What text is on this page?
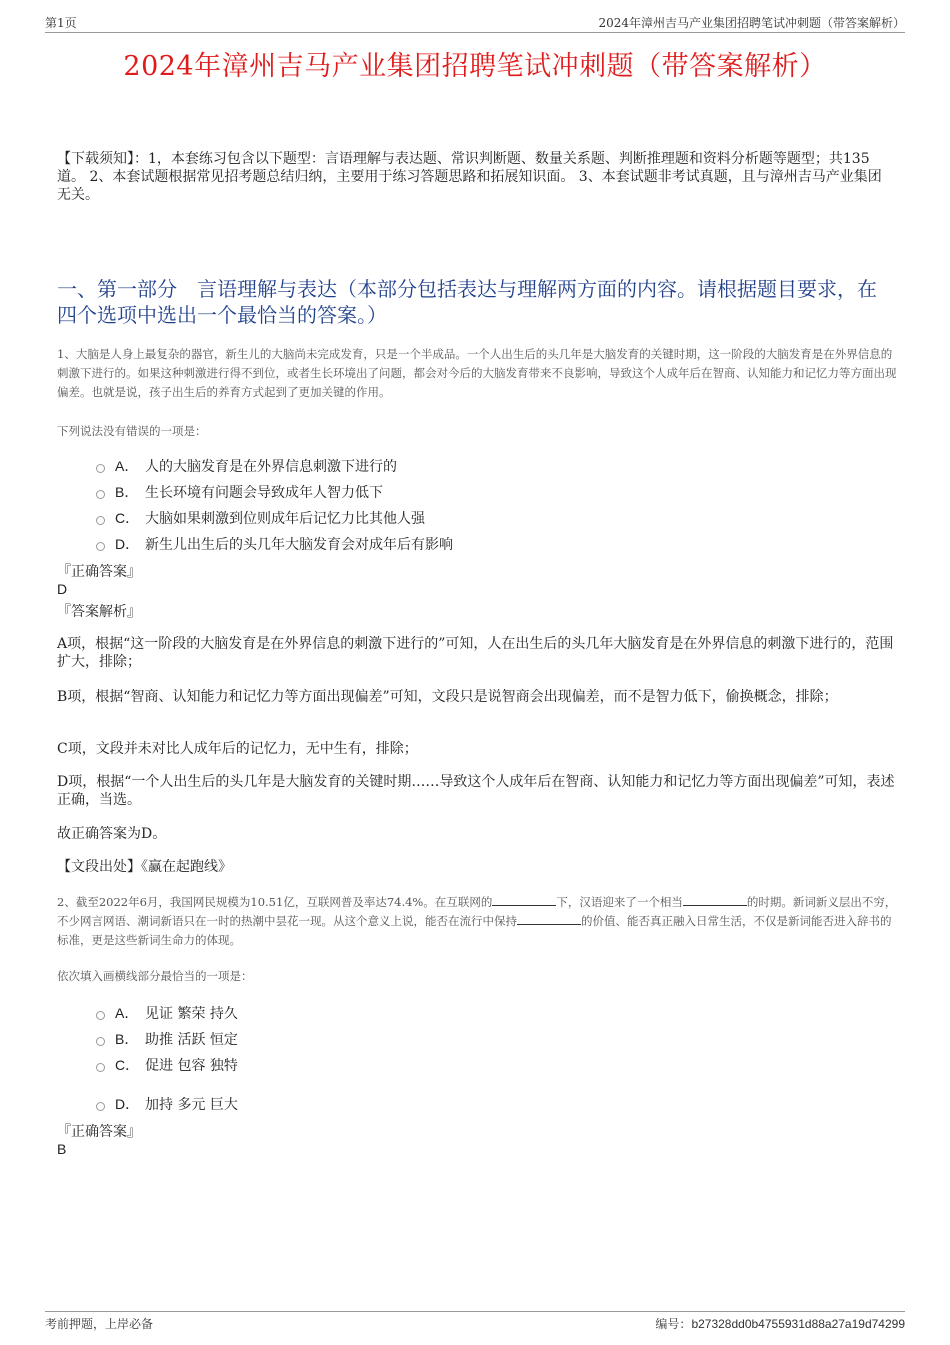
第1页	2024年漳州吉马产业集团招聘笔试冲刺题（带答案解析）
2024年漳州吉马产业集团招聘笔试冲刺题（带答案解析）
【下载须知】：1，本套练习包含以下题型：言语理解与表达题、常识判断题、数量关系题、判断推理题和资料分析题等题型；共135道。 2、本套试题根据常见招考题总结归纳，主要用于练习答题思路和拓展知识面。 3、本套试题非考试真题，且与漳州吉马产业集团无关。
一、第一部分　言语理解与表达（本部分包括表达与理解两方面的内容。请根据题目要求，在四个选项中选出一个最恰当的答案。）
1、大脑是人身上最复杂的器官，新生儿的大脑尚未完成发育，只是一个半成品。一个人出生后的头几年是大脑发育的关键时期，这一阶段的大脑发育是在外界信息的刺激下进行的。如果这种刺激进行得不到位，或者生长环境出了问题，都会对今后的大脑发育带来不良影响，导致这个人成年后在智商、认知能力和记忆力等方面出现偏差。也就是说，孩子出生后的养育方式起到了更加关键的作用。
下列说法没有错误的一项是：
A． 人的大脑发育是在外界信息刺激下进行的
B． 生长环境有问题会导致成年人智力低下
C． 大脑如果刺激到位则成年后记忆力比其他人强
D． 新生儿出生后的头几年大脑发育会对成年后有影响
『正确答案』
D
『答案解析』
A项，根据“这一阶段的大脑发育是在外界信息的刺激下进行的”可知，人在出生后的头几年大脑发育是在外界信息的刺激下进行的，范围扩大，排除；
B项，根据“智商、认知能力和记忆力等方面出现偏差”可知，文段只是说智商会出现偏差，而不是智力低下，偷换概念，排除；
C项，文段并未对比人成年后的记忆力，无中生有，排除；
D项，根据“一个人出生后的头几年是大脑发育的关键时期……导致这个人成年后在智商、认知能力和记忆力等方面出现偏差”可知，表述正确，当选。
故正确答案为D。
【文段出处】《赢在起跑线》
2、截至2022年6月，我国网民规模为10.51亿，互联网普及率达74.4%。在互联网的	下，汉语迎来了一个相当	的时期。新词新义层出不穷，不少网言网语、潮词新语只在一时的热潮中昙花一现。从这个意义上说，能否在流行中保持	的价值、能否真正融入日常生活，不仅是新词能否进入辞书的标准，更是这些新词生命力的体现。
依次填入画横线部分最恰当的一项是：
A． 见证 繁荣 持久
B． 助推 活跃 恒定
C． 促进 包容 独特
D． 加持 多元 巨大
『正确答案』
B
考前押题，上岸必备	编号：b27328dd0b4755931d88a27a19d74299
